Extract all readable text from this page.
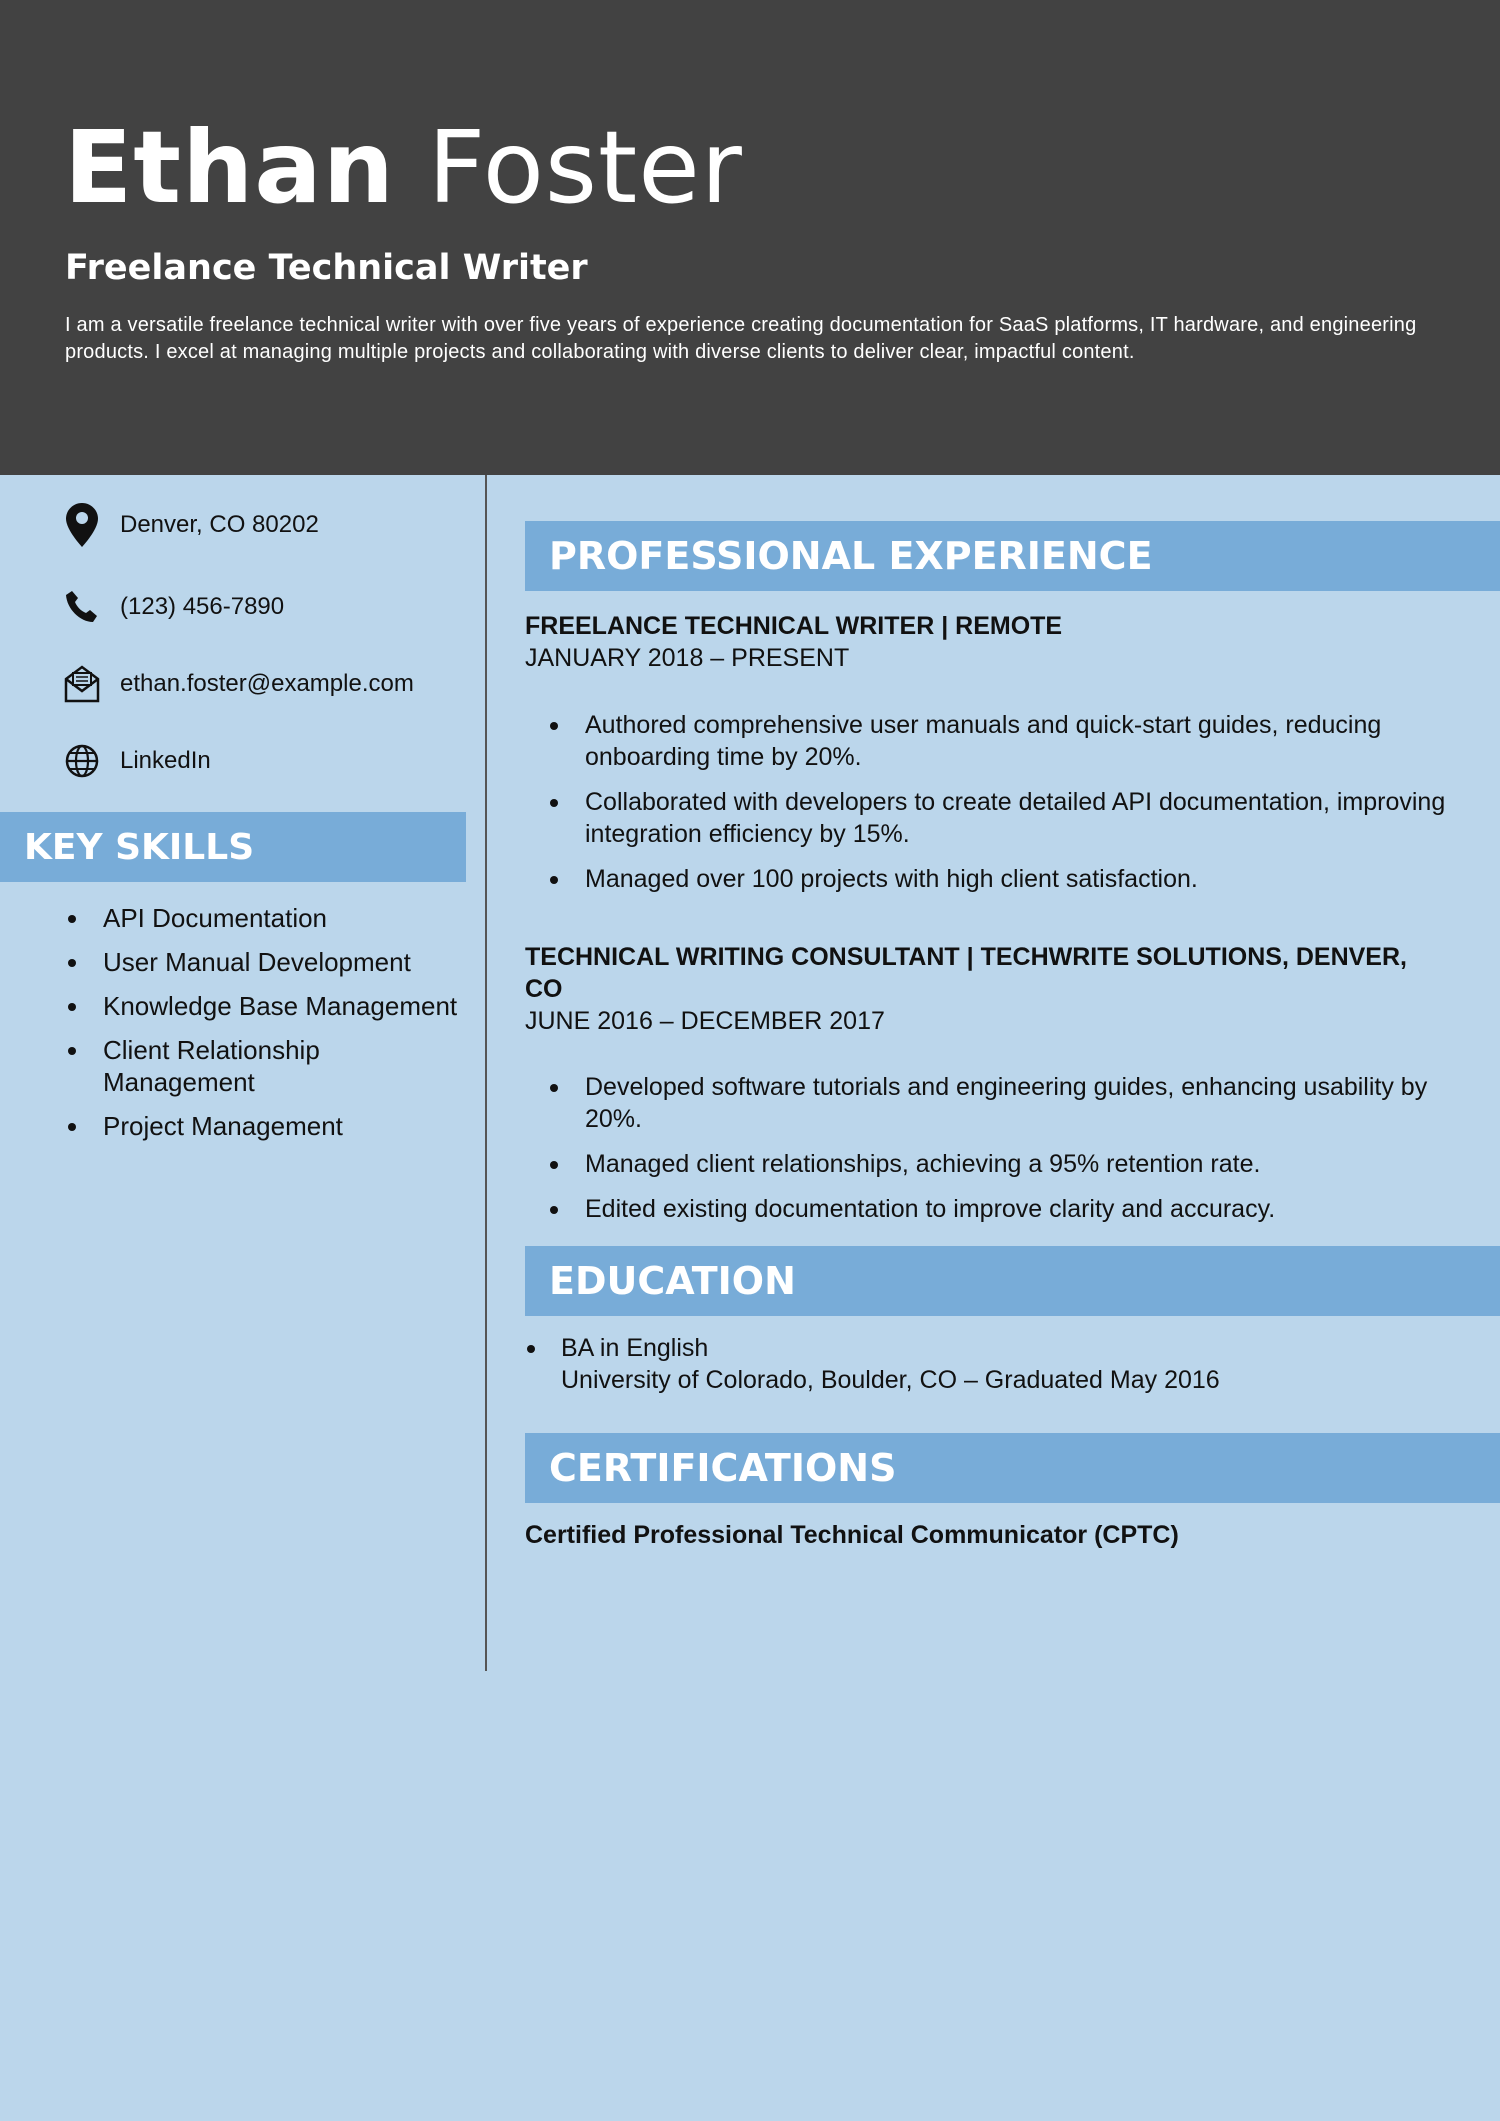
Ethan Foster
Freelance Technical Writer
I am a versatile freelance technical writer with over five years of experience creating documentation for SaaS platforms, IT hardware, and engineering products. I excel at managing multiple projects and collaborating with diverse clients to deliver clear, impactful content.
Denver, CO 80202
(123) 456-7890
ethan.foster@example.com
LinkedIn
KEY SKILLS
API Documentation
User Manual Development
Knowledge Base Management
Client Relationship Management
Project Management
PROFESSIONAL EXPERIENCE
FREELANCE TECHNICAL WRITER | REMOTE
JANUARY 2018 – PRESENT
Authored comprehensive user manuals and quick-start guides, reducing onboarding time by 20%.
Collaborated with developers to create detailed API documentation, improving integration efficiency by 15%.
Managed over 100 projects with high client satisfaction.
TECHNICAL WRITING CONSULTANT | TECHWRITE SOLUTIONS, DENVER, CO
JUNE 2016 – DECEMBER 2017
Developed software tutorials and engineering guides, enhancing usability by 20%.
Managed client relationships, achieving a 95% retention rate.
Edited existing documentation to improve clarity and accuracy.
EDUCATION
BA in English
University of Colorado, Boulder, CO – Graduated May 2016
CERTIFICATIONS
Certified Professional Technical Communicator (CPTC)
